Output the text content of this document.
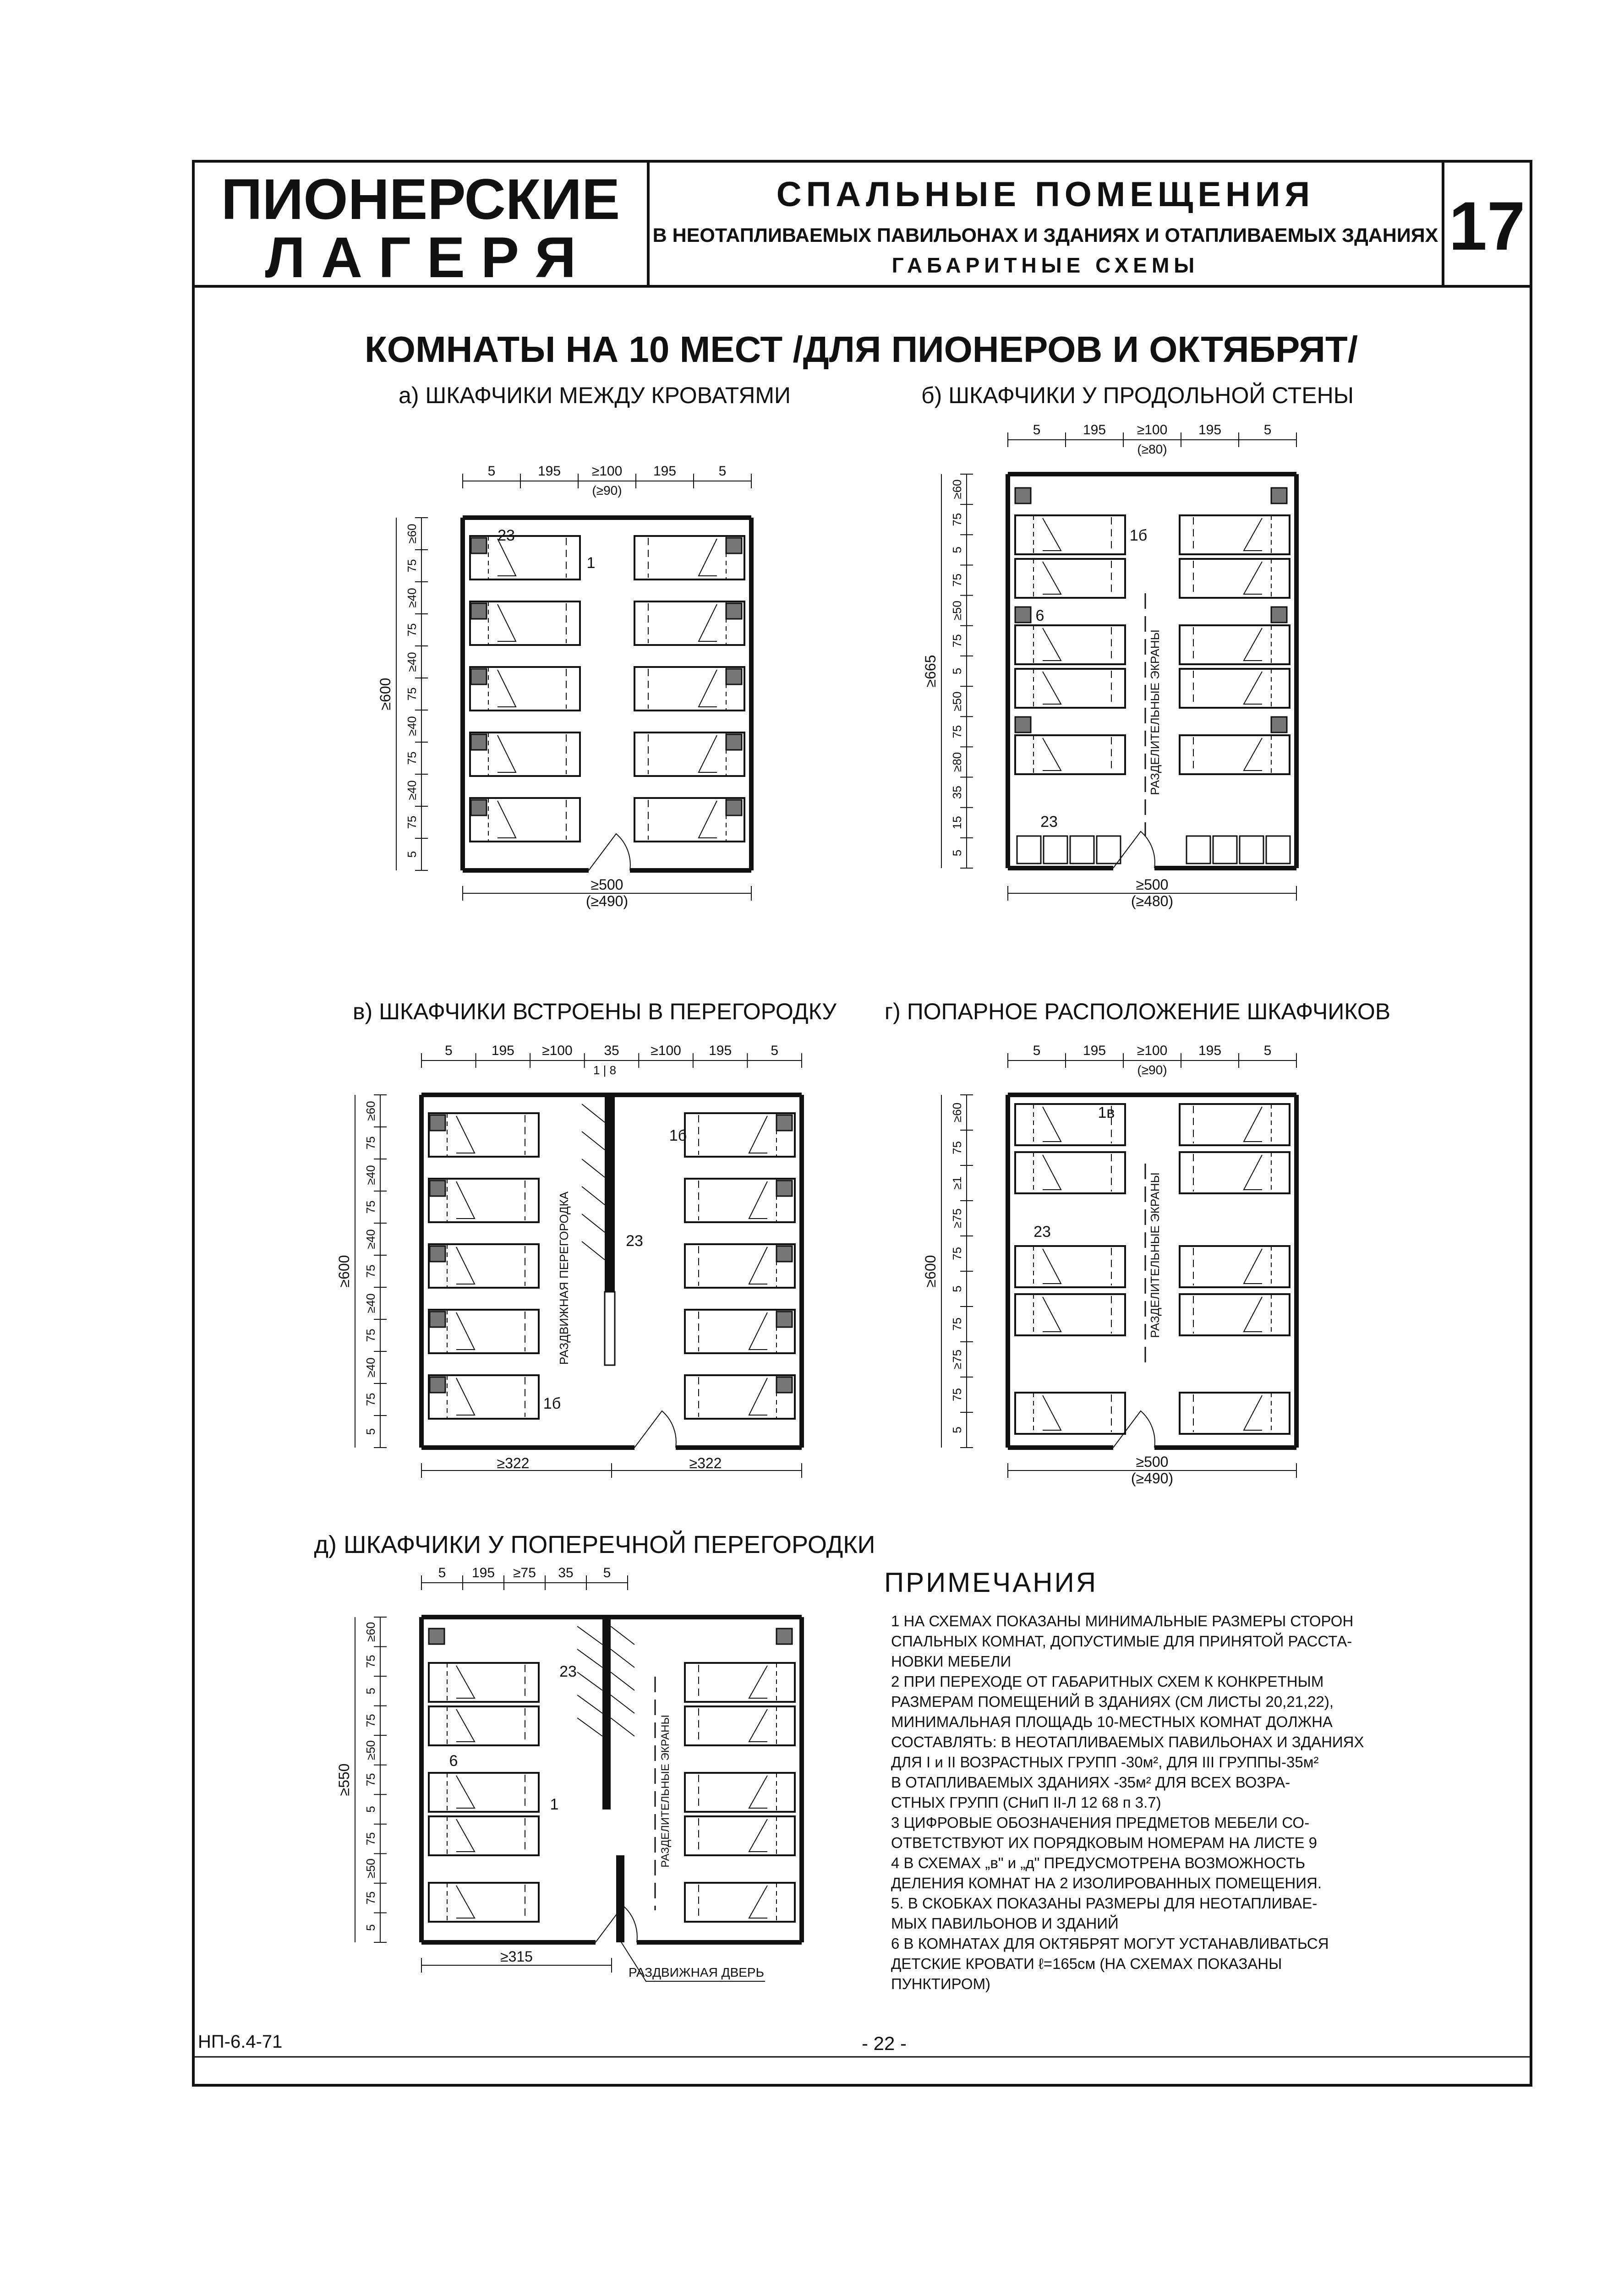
ПИОНЕРСКИЕ
Л А Г Е Р Я
СПАЛЬНЫЕ ПОМЕЩЕНИЯ
В НЕОТАПЛИВАЕМЫХ ПАВИЛЬОНАХ И ЗДАНИЯХ И ОТАПЛИВАЕМЫХ ЗДАНИЯХ
ГАБАРИТНЫЕ СХЕМЫ
17
КОМНАТЫ НА 10 МЕСТ /ДЛЯ ПИОНЕРОВ И ОКТЯБРЯТ/
а) ШКАФЧИКИ МЕЖДУ КРОВАТЯМИ	б) ШКАФЧИКИ У ПРОДОЛЬНОЙ СТЕНЫ
в) ШКАФЧИКИ ВСТРОЕНЫ В ПЕРЕГОРОДКУ г) ПОПАРНОЕ РАСПОЛОЖЕНИЕ ШКАФЧИКОВ
д) ШКАФЧИКИ У ПОПЕРЕЧНОЙ ПЕРЕГОРОДКИ
5	195 ≥100 195	5
(≥90)
≥60
75
≥40
75
≥40
75
≥40
75
≥40
75
5
≥600
≥500
(≥490)
23
1
РАЗДЕЛИТЕЛЬНЫЕ ЭКРАНЫ
5	195 ≥100 195	5
(≥80)
≥60
75
5
75
≥50
75
5
≥50
75
≥80
35
15
5
≥665
≥500
(≥480)
1б
6
23
РАЗДВИЖНАЯ ПЕРЕГОРОДКА
5	195 ≥100 35 ≥100 195	5
1 | 8
≥60
75
≥40
75
≥40
75
≥40
75
≥40
75
5
≥600
≥322	≥322
1б
23
1б
РАЗДЕЛИТЕЛЬНЫЕ ЭКРАНЫ
5	195 ≥100 195	5
(≥90)
≥60
75
≥1
≥75
75
5
75
≥75
75
5
≥600
≥500
(≥490)
1в
23
РАЗДЕЛИТЕЛЬНЫЕ ЭКРАНЫ
5 195 ≥75 35 5
≥60
75
5
75
≥50
75
5
75
≥50
75
5
≥550
≥315
РАЗДВИЖНАЯ ДВЕРЬ
23
6
1
ПРИМЕЧАНИЯ
1 НА СХЕМАХ ПОКАЗАНЫ МИНИМАЛЬНЫЕ РАЗМЕРЫ СТОРОН
СПАЛЬНЫХ КОМНАТ, ДОПУСТИМЫЕ ДЛЯ ПРИНЯТОЙ РАССТА-
НОВКИ МЕБЕЛИ
2 ПРИ ПЕРЕХОДЕ ОТ ГАБАРИТНЫХ СХЕМ К КОНКРЕТНЫМ
РАЗМЕРАМ ПОМЕЩЕНИЙ В ЗДАНИЯХ (СМ ЛИСТЫ 20,21,22),
МИНИМАЛЬНАЯ ПЛОЩАДЬ 10-МЕСТНЫХ КОМНАТ ДОЛЖНА
СОСТАВЛЯТЬ: В НЕОТАПЛИВАЕМЫХ ПАВИЛЬОНАХ И ЗДАНИЯХ
ДЛЯ I и II ВОЗРАСТНЫХ ГРУПП -30м², ДЛЯ III ГРУППЫ-35м²
В ОТАПЛИВАЕМЫХ ЗДАНИЯХ -35м² ДЛЯ ВСЕХ ВОЗРА-
СТНЫХ ГРУПП (СНиП II-Л 12 68 п 3.7)
3 ЦИФРОВЫЕ ОБОЗНАЧЕНИЯ ПРЕДМЕТОВ МЕБЕЛИ СО-
ОТВЕТСТВУЮТ ИХ ПОРЯДКОВЫМ НОМЕРАМ НА ЛИСТЕ 9
4 В СХЕМАХ „в" и „д" ПРЕДУСМОТРЕНА ВОЗМОЖНОСТЬ
ДЕЛЕНИЯ КОМНАТ НА 2 ИЗОЛИРОВАННЫХ ПОМЕЩЕНИЯ.
5. В СКОБКАХ ПОКАЗАНЫ РАЗМЕРЫ ДЛЯ НЕОТАПЛИВАЕ-
МЫХ ПАВИЛЬОНОВ И ЗДАНИЙ
6 В КОМНАТАХ ДЛЯ ОКТЯБРЯТ МОГУТ УСТАНАВЛИВАТЬСЯ
ДЕТСКИЕ КРОВАТИ ℓ=165см (НА СХЕМАХ ПОКАЗАНЫ
ПУНКТИРОМ)
НП-6.4-71	- 22 -
